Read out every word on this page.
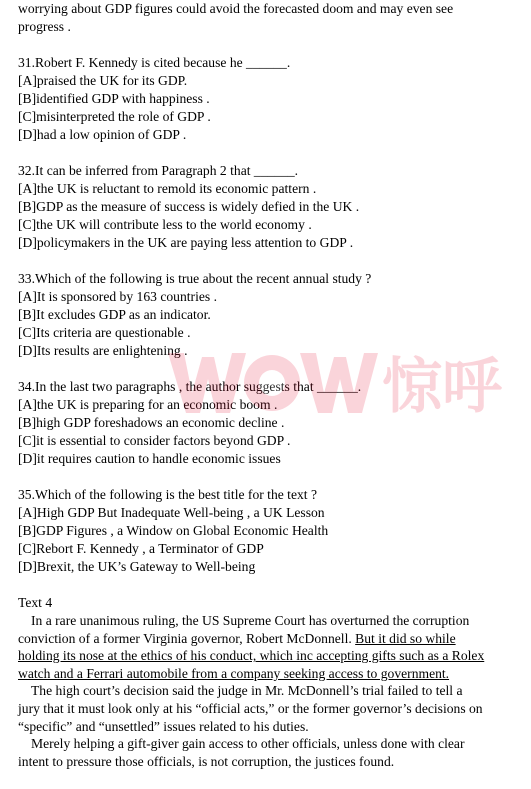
worrying about GDP figures could avoid the forecasted doom and may even see
progress .
31.Robert F. Kennedy is cited because he ______.
[A]praised the UK for its GDP.
[B]identified GDP with happiness .
[C]misinterpreted the role of GDP .
[D]had a low opinion of GDP .
32.It can be inferred from Paragraph 2 that ______.
[A]the UK is reluctant to remold its economic pattern .
[B]GDP as the measure of success is widely defied in the UK .
[C]the UK will contribute less to the world economy .
[D]policymakers in the UK are paying less attention to GDP .
33.Which of the following is true about the recent annual study ?
[A]It is sponsored by 163 countries .
[B]It excludes GDP as an indicator.
[C]Its criteria are questionable .
[D]Its results are enlightening .
34.In the last two paragraphs , the author suggests that ______.
[A]the UK is preparing for an economic boom .
[B]high GDP foreshadows an economic decline .
[C]it is essential to consider factors beyond GDP .
[D]it requires caution to handle economic issues
35.Which of the following is the best title for the text ?
[A]High GDP But Inadequate Well-being , a UK Lesson
[B]GDP Figures , a Window on Global Economic Health
[C]Rebort F. Kennedy , a Terminator of GDP
[D]Brexit, the UK’s Gateway to Well-being
Text 4
In a rare unanimous ruling, the US Supreme Court has overturned the corruption
conviction of a former Virginia governor, Robert McDonnell. But it did so while
holding its nose at the ethics of his conduct, which inc accepting gifts such as a Rolex
watch and a Ferrari automobile from a company seeking access to government.
The high court’s decision said the judge in Mr. McDonnell’s trial failed to tell a
jury that it must look only at his “official acts,” or the former governor’s decisions on
“specific” and “unsettled” issues related to his duties.
Merely helping a gift-giver gain access to other officials, unless done with clear
intent to pressure those officials, is not corruption, the justices found.
惊呼
